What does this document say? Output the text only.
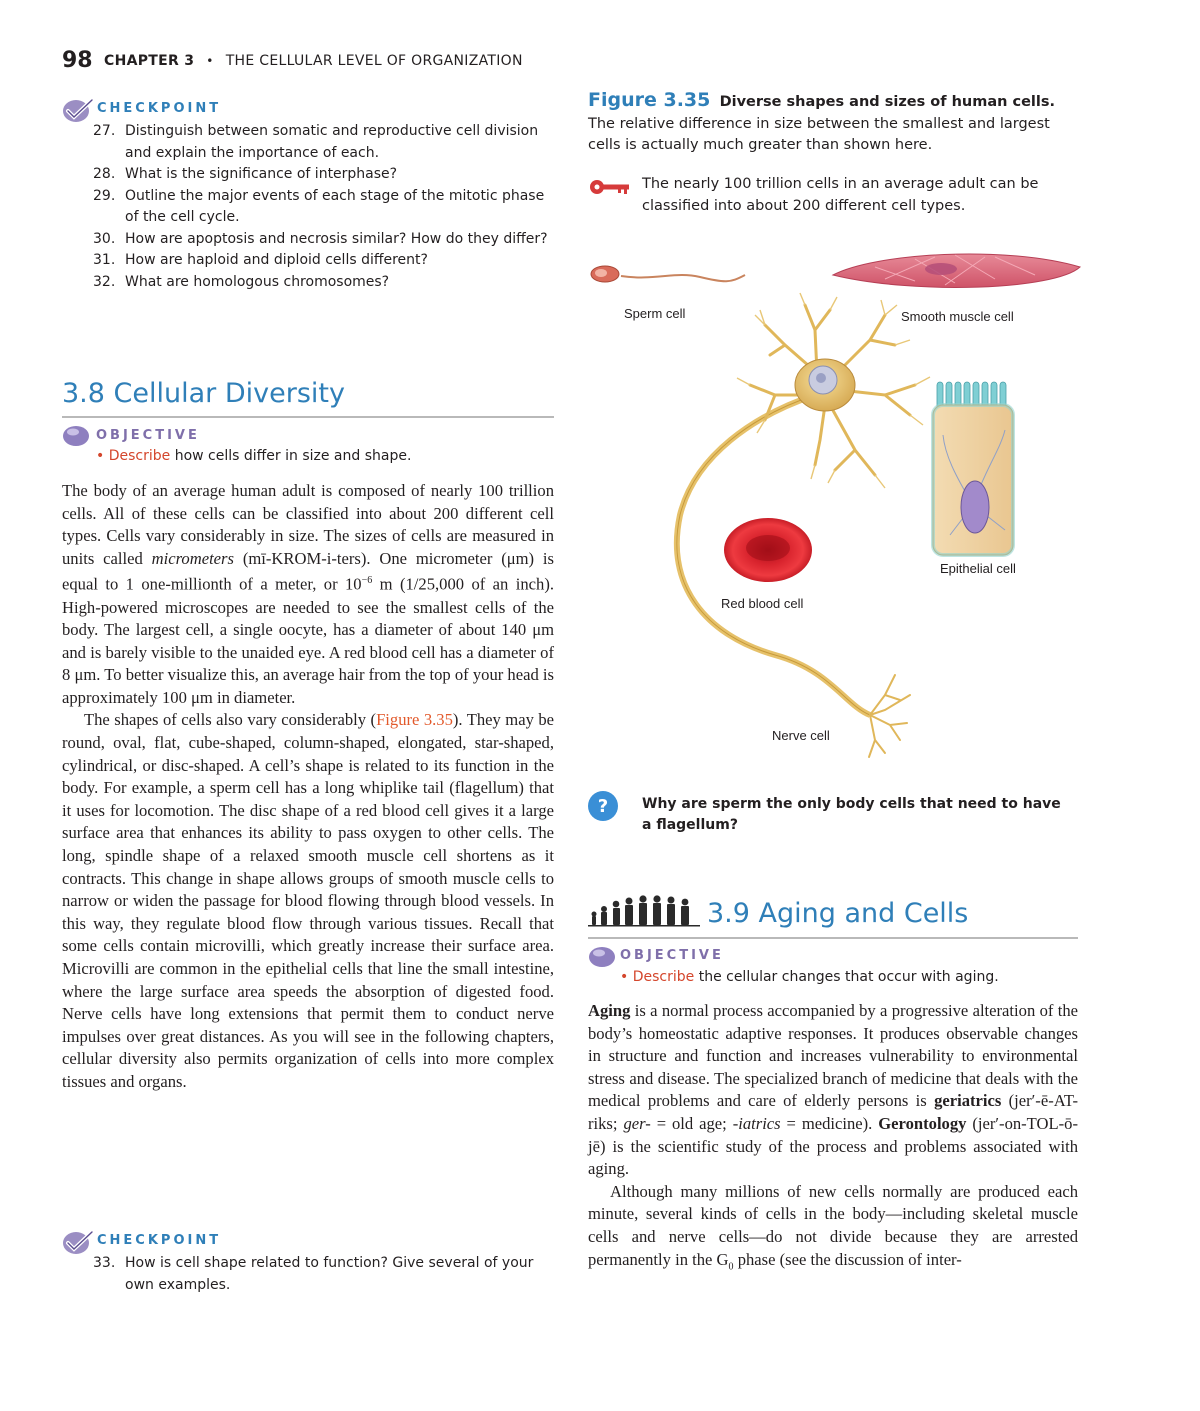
98 CHAPTER 3 • THE CELLULAR LEVEL OF ORGANIZATION
CHECKPOINT
27. Distinguish between somatic and reproductive cell division and explain the importance of each.
28. What is the significance of interphase?
29. Outline the major events of each stage of the mitotic phase of the cell cycle.
30. How are apoptosis and necrosis similar? How do they differ?
31. How are haploid and diploid cells different?
32. What are homologous chromosomes?
3.8 Cellular Diversity
OBJECTIVE
• Describe how cells differ in size and shape.

The body of an average human adult is composed of nearly 100 trillion cells. All of these cells can be classified into about 200 different cell types. Cells vary considerably in size. The sizes of cells are measured in units called micrometers (mī-KROM-i-ters). One micrometer (μm) is equal to 1 one-millionth of a meter, or $10^{-6}$ m (1/25,000 of an inch). High-powered microscopes are needed to see the smallest cells of the body. The largest cell, a single oocyte, has a diameter of about 140 μm and is barely visible to the unaided eye. A red blood cell has a diameter of 8 μm. To better visualize this, an average hair from the top of your head is approximately 100 μm in diameter.

The shapes of cells also vary considerably (Figure 3.35). They may be round, oval, flat, cube-shaped, column-shaped, elongated, star-shaped, cylindrical, or disc-shaped. A cell’s shape is related to its function in the body. For example, a sperm cell has a long whiplike tail (flagellum) that it uses for locomotion. The disc shape of a red blood cell gives it a large surface area that enhances its ability to pass oxygen to other cells. The long, spindle shape of a relaxed smooth muscle cell shortens as it contracts. This change in shape allows groups of smooth muscle cells to narrow or widen the passage for blood flowing through blood vessels. In this way, they regulate blood flow through various tissues. Recall that some cells contain microvilli, which greatly increase their surface area. Microvilli are common in the epithelial cells that line the small intestine, where the large surface area speeds the absorption of digested food. Nerve cells have long extensions that permit them to conduct nerve impulses over great distances. As you will see in the following chapters, cellular diversity also permits organization of cells into more complex tissues and organs.

CHECKPOINT
33. How is cell shape related to function? Give several of your own examples.
Figure 3.35 Diverse shapes and sizes of human cells. The relative difference in size between the smallest and largest cells is actually much greater than shown here.
The nearly 100 trillion cells in an average adult can be classified into about 200 different cell types.
Sperm cell	Smooth muscle cell
Epithelial cell
Red blood cell
Nerve cell
? Why are sperm the only body cells that need to have a flagellum?
3.9 Aging and Cells
OBJECTIVE
• Describe the cellular changes that occur with aging.

Aging is a normal process accompanied by a progressive alteration of the body’s homeostatic adaptive responses. It produces observable changes in structure and function and increases vulnerability to environmental stress and disease. The specialized branch of medicine that deals with the medical problems and care of elderly persons is geriatrics (jer′-ē-AT-riks; ger- = old age; -iatrics = medicine). Gerontology (jer′-on-TOL-ō-jē) is the scientific study of the process and problems associated with aging.

Although many millions of new cells normally are produced each minute, several kinds of cells in the body—including skeletal muscle cells and nerve cells—do not divide because they are arrested permanently in the $G_0$ phase (see the discussion of inter-
